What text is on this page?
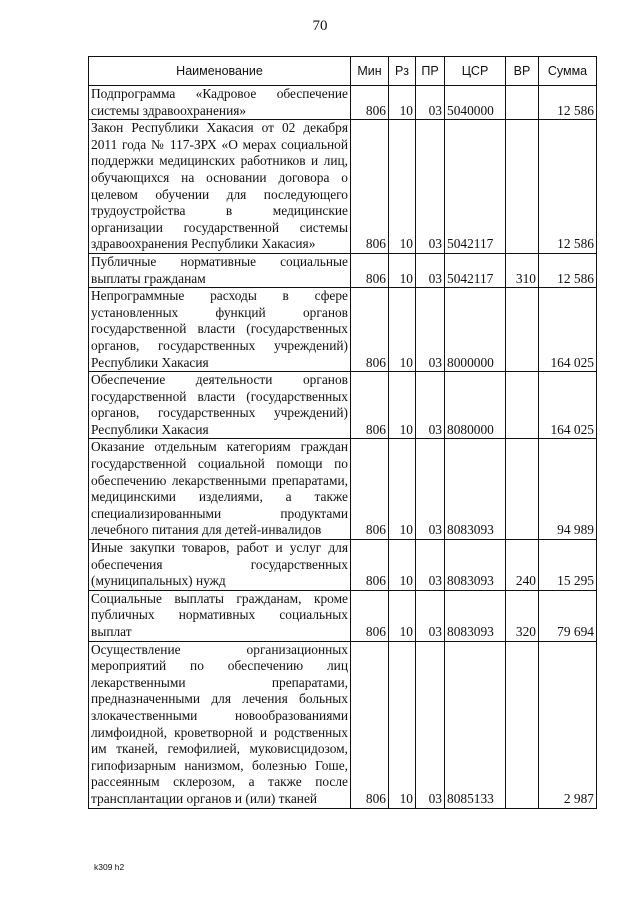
70
Наименование	Мин	Рз	ПР	ЦСР	ВР	Сумма
Подпрограмма «Кадровое обеспечение системы здравоохранения»	806	10	03	5040000		12 586
Закон Республики Хакасия от 02 декабря 2011 года № 117-ЗРХ «О мерах социальной поддержки медицинских работников и лиц, обучающихся на основании договора о целевом обучении для последующего трудоустройства в медицинские организации государственной системы здравоохранения Республики Хакасия»	806	10	03	5042117		12 586
Публичные нормативные социальные выплаты гражданам	806	10	03	5042117	310	12 586
Непрограммные расходы в сфере установленных функций органов государственной власти (государственных органов, государственных учреждений) Республики Хакасия	806	10	03	8000000		164 025
Обеспечение деятельности органов государственной власти (государственных органов, государственных учреждений) Республики Хакасия	806	10	03	8080000		164 025
Оказание отдельным категориям граждан государственной социальной помощи по обеспечению лекарственными препаратами, медицинскими изделиями, а также специализированными продуктами лечебного питания для детей-инвалидов	806	10	03	8083093		94 989
Иные закупки товаров, работ и услуг для обеспечения государственных (муниципальных) нужд	806	10	03	8083093	240	15 295
Социальные выплаты гражданам, кроме публичных нормативных социальных выплат	806	10	03	8083093	320	79 694
Осуществление организационных мероприятий по обеспечению лиц лекарственными препаратами, предназначенными для лечения больных злокачественными новообразованиями лимфоидной, кроветворной и родственных им тканей, гемофилией, муковисцидозом, гипофизарным нанизмом, болезнью Гоше, рассеянным склерозом, а также после трансплантации органов и (или) тканей	806	10	03	8085133		2 987
k309 h2
